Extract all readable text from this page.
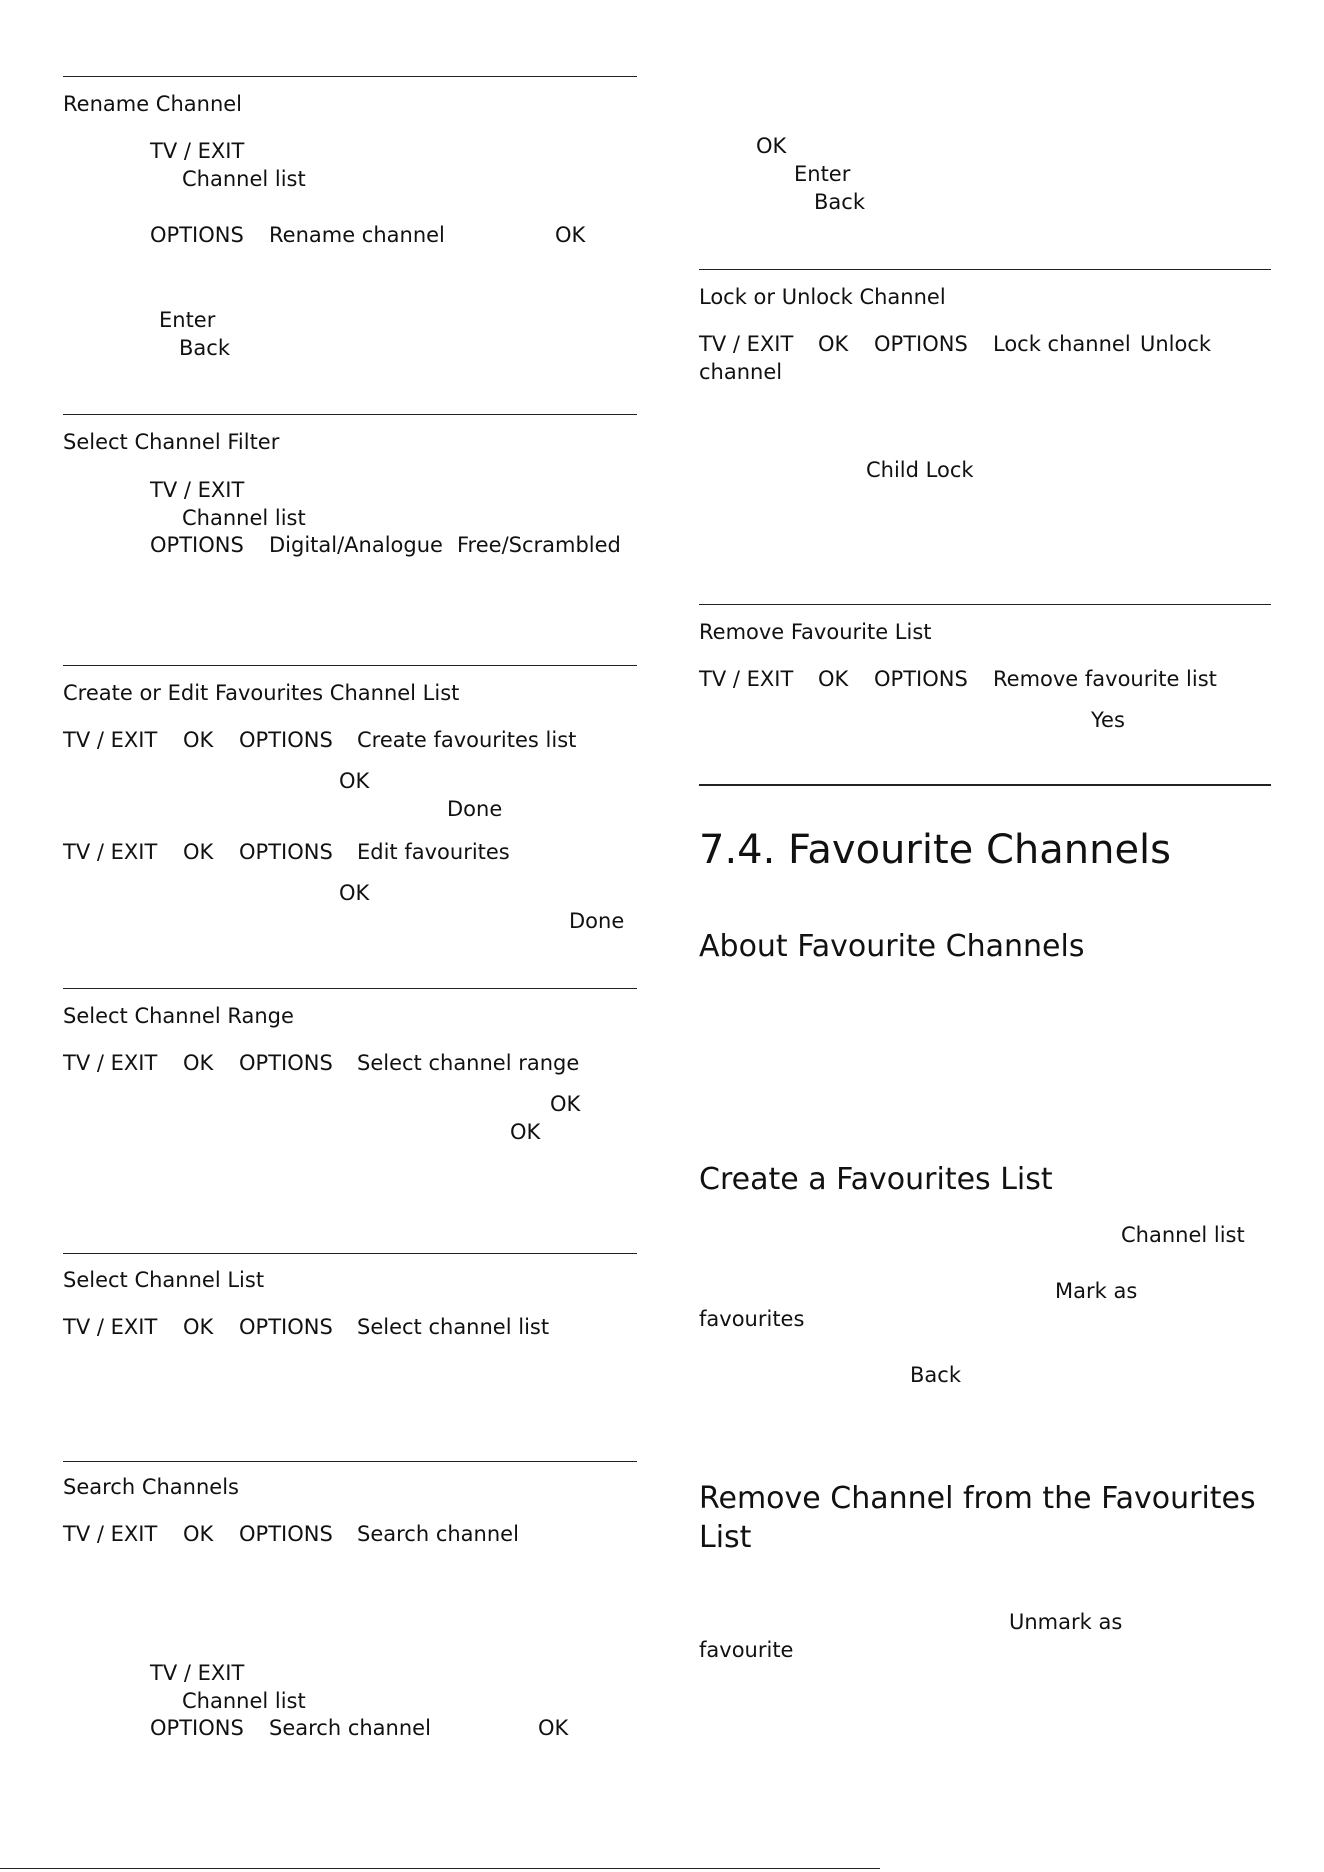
Rename Channel
TV / EXIT
Channel list
OPTIONS Rename channel	OK
Enter
Back
Select Channel Filter
TV / EXIT
Channel list
OPTIONS Digital/Analogue Free/Scrambled
Create or Edit Favourites Channel List
TV / EXIT OK OPTIONS Create favourites list
OK
Done
TV / EXIT OK OPTIONS Edit favourites
OK
Done
Select Channel Range
TV / EXIT OK OPTIONS Select channel range
OK
OK
Select Channel List
TV / EXIT OK OPTIONS Select channel list
Search Channels
TV / EXIT OK OPTIONS Search channel
TV / EXIT
Channel list
OPTIONS Search channel	OK
OK
Enter
Back
Lock or Unlock Channel
TV / EXIT OK OPTIONS Lock channel Unlock
channel
Child Lock
Remove Favourite List
TV / EXIT OK OPTIONS Remove favourite list
Yes
7.4. Favourite Channels
About Favourite Channels
Create a Favourites List
Channel list
Mark as
favourites
Back
Remove Channel from the Favourites
List
Unmark as
favourite
